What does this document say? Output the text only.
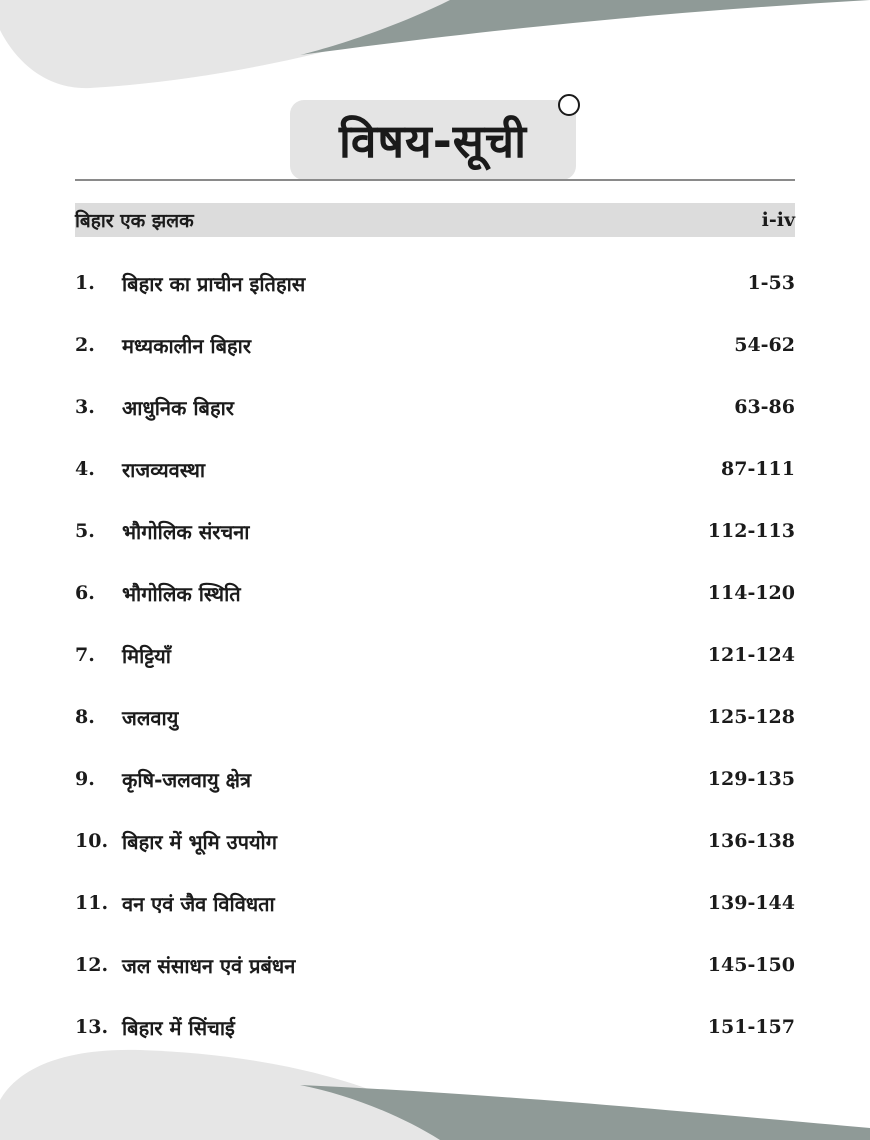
विषय-सूची
बिहार एक झलक	i-iv
1.	बिहार का प्राचीन इतिहास	1-53
2.	मध्यकालीन बिहार	54-62
3.	आधुनिक बिहार	63-86
4.	राजव्यवस्था	87-111
5.	भौगोलिक संरचना	112-113
6.	भौगोलिक स्थिति	114-120
7.	मिट्टियाँ	121-124
8.	जलवायु	125-128
9.	कृषि-जलवायु क्षेत्र	129-135
10. बिहार में भूमि उपयोग	136-138
11. वन एवं जैव विविधता	139-144
12. जल संसाधन एवं प्रबंधन	145-150
13. बिहार में सिंचाई	151-157
